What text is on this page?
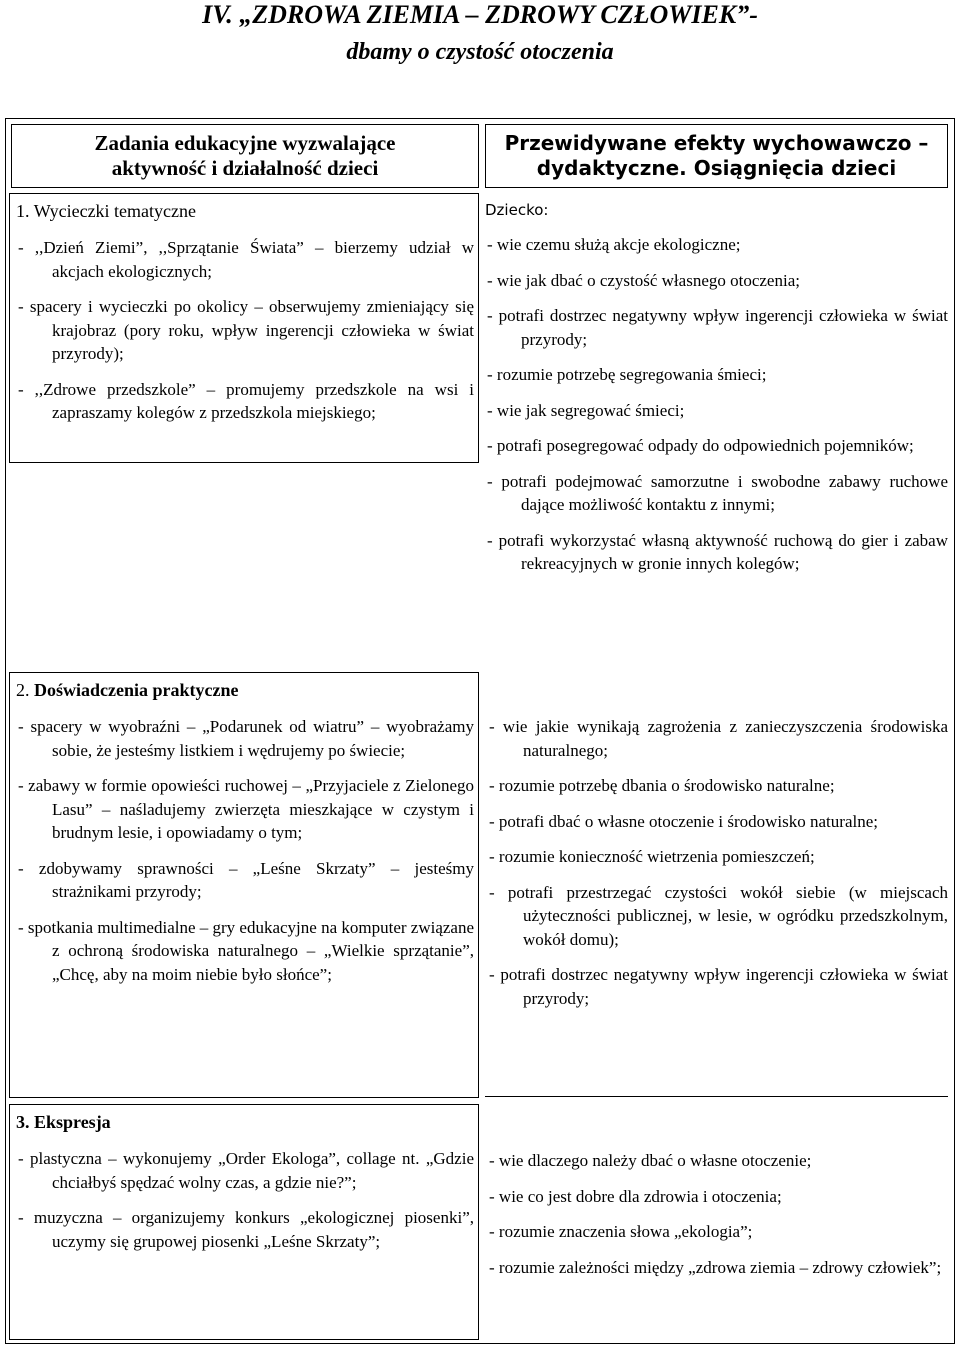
IV. „ZDROWA ZIEMIA – ZDROWY CZŁOWIEK”-
dbamy o czystość otoczenia
Zadania edukacyjne wyzwalające
aktywność i działalność dzieci
Przewidywane efekty wychowawczo –
dydaktyczne. Osiągnięcia dzieci
1. Wycieczki tematyczne
- ,,Dzień Ziemi”, ,,Sprzątanie Świata” – bierzemy udział w akcjach ekologicznych;
- spacery i wycieczki po okolicy – obserwujemy zmieniający się krajobraz (pory roku, wpływ ingerencji człowieka w świat przyrody);
- ,,Zdrowe przedszkole” – promujemy przedszkole na wsi i zapraszamy kolegów z przedszkola miejskiego;
Dziecko:
- wie czemu służą akcje ekologiczne;
- wie jak dbać o czystość własnego otoczenia;
- potrafi dostrzec negatywny wpływ ingerencji człowieka w świat przyrody;
- rozumie potrzebę segregowania śmieci;
- wie jak segregować śmieci;
- potrafi posegregować odpady do odpowiednich pojemników;
- potrafi podejmować samorzutne i swobodne zabawy ruchowe dające możliwość kontaktu z innymi;
- potrafi wykorzystać własną aktywność ruchową do gier i zabaw rekreacyjnych w gronie innych kolegów;
2. Doświadczenia praktyczne
- spacery w wyobraźni – „Podarunek od wiatru” – wyobrażamy sobie, że jesteśmy listkiem i wędrujemy po świecie;
- zabawy w formie opowieści ruchowej – „Przyjaciele z Zielonego Lasu” – naśladujemy zwierzęta mieszkające w czystym i brudnym lesie, i opowiadamy o tym;
- zdobywamy sprawności – „Leśne Skrzaty” – jesteśmy strażnikami przyrody;
- spotkania multimedialne – gry edukacyjne na komputer związane z ochroną środowiska naturalnego – „Wielkie sprzątanie”, „Chcę, aby na moim niebie było słońce”;
- wie jakie wynikają zagrożenia z zanieczyszczenia środowiska naturalnego;
- rozumie potrzebę dbania o środowisko naturalne;
- potrafi dbać o własne otoczenie i środowisko naturalne;
- rozumie konieczność wietrzenia pomieszczeń;
- potrafi przestrzegać czystości wokół siebie (w miejscach użyteczności publicznej, w lesie, w ogródku przedszkolnym, wokół domu);
- potrafi dostrzec negatywny wpływ ingerencji człowieka w świat przyrody;
3. Ekspresja
- plastyczna – wykonujemy „Order Ekologa”, collage nt. „Gdzie chciałbyś spędzać wolny czas, a gdzie nie?”;
- muzyczna – organizujemy konkurs „ekologicznej piosenki”, uczymy się grupowej piosenki „Leśne Skrzaty”;
- wie dlaczego należy dbać o własne otoczenie;
- wie co jest dobre dla zdrowia i otoczenia;
- rozumie znaczenia słowa „ekologia”;
- rozumie zależności między „zdrowa ziemia – zdrowy człowiek”;
